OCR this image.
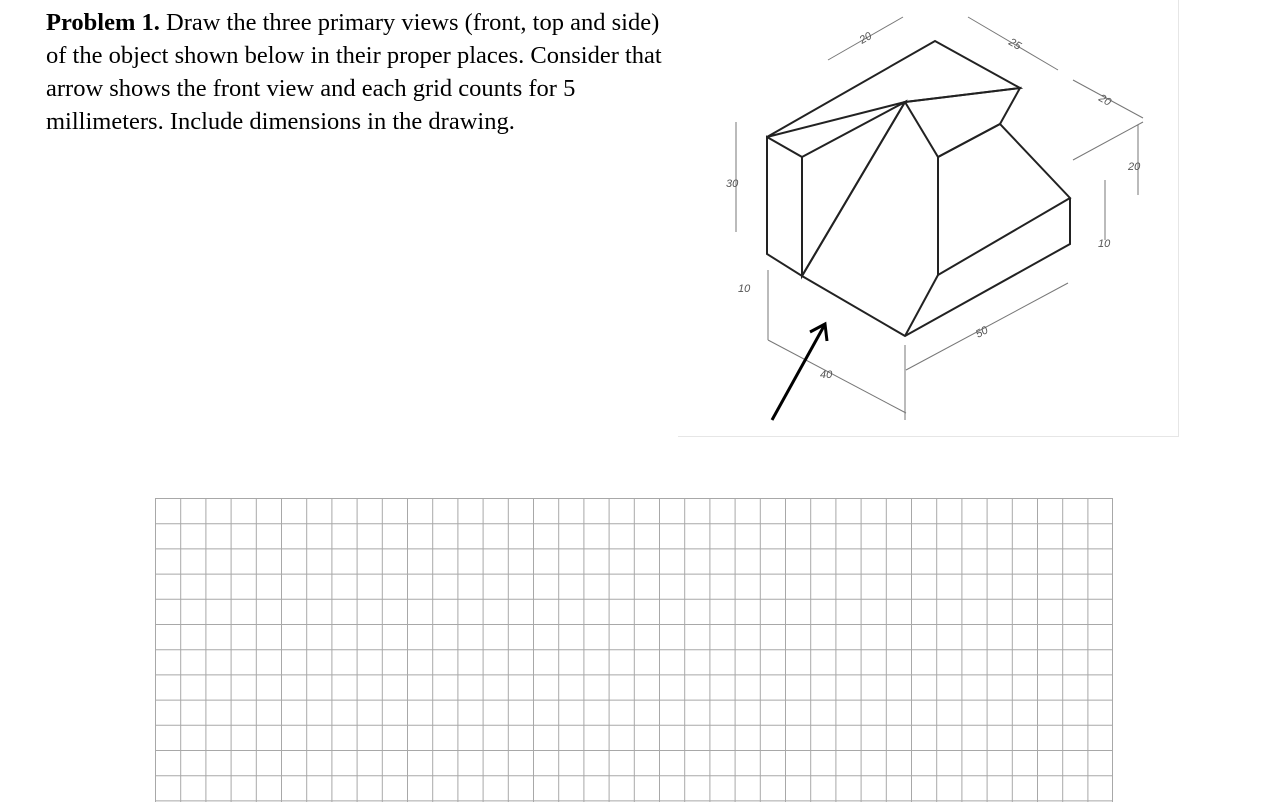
Problem 1. Draw the three primary views (front, top and side) of the object shown below in their proper places. Consider that arrow shows the front view and each grid counts for 5 millimeters. Include dimensions in the drawing.

20	25
20
20
10
30
10
40
50
